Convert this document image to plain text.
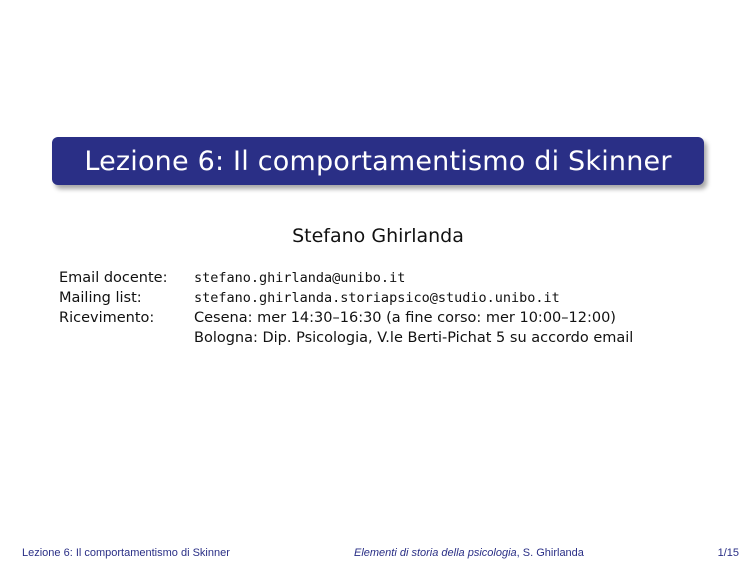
Lezione 6: Il comportamentismo di Skinner
Stefano Ghirlanda
Email docente:	stefano.ghirlanda@unibo.it
Mailing list:	stefano.ghirlanda.storiapsico@studio.unibo.it
Ricevimento:	Cesena: mer 14:30–16:30 (a fine corso: mer 10:00–12:00)
Bologna: Dip. Psicologia, V.le Berti-Pichat 5 su accordo email
Lezione 6: Il comportamentismo di Skinner	Elementi di storia della psicologia, S. Ghirlanda	1/15
